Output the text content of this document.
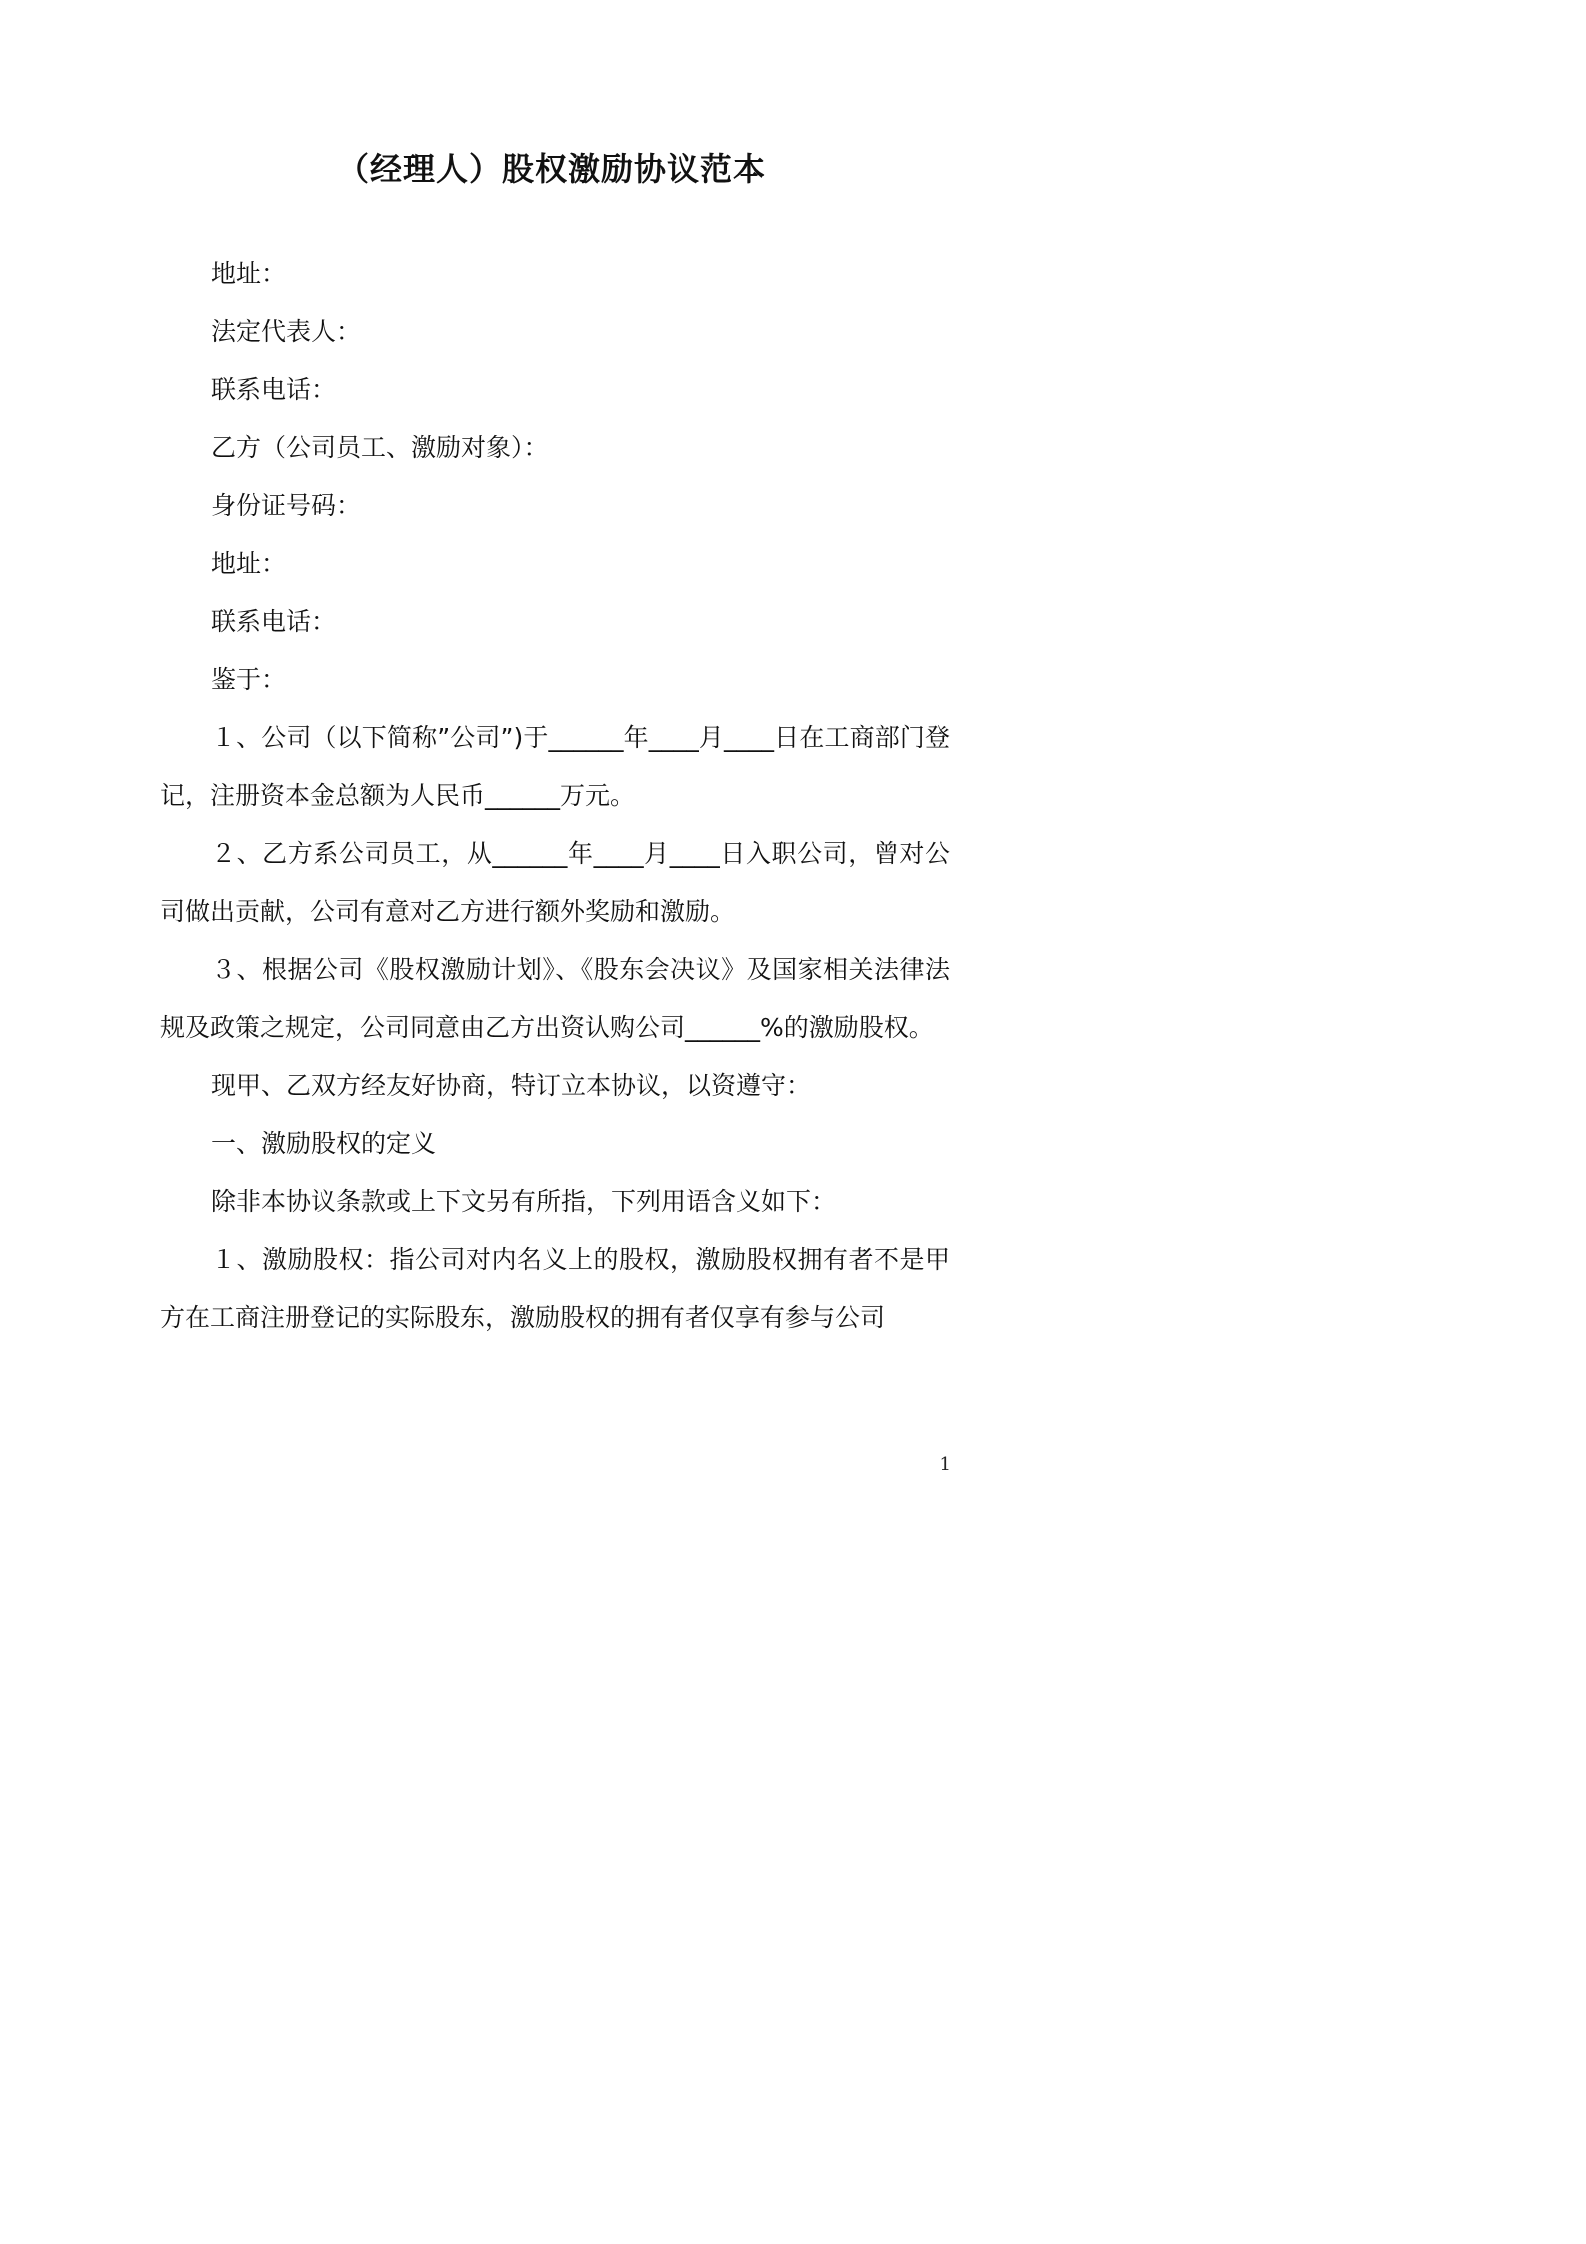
（经理人）股权激励协议范本

地址：

法定代表人：

联系电话：

乙方（公司员工、激励对象）：

身份证号码：

地址：

联系电话：

鉴于：

１、公司（以下简称”公司”)于______年____月____日在工商部门登记，注册资本金总额为人民币______万元。

２、乙方系公司员工，从______年____月____日入职公司，曾对公司做出贡献，公司有意对乙方进行额外奖励和激励。

３、根据公司《股权激励计划》、《股东会决议》及国家相关法律法规及政策之规定，公司同意由乙方出资认购公司______%的激励股权。

现甲、乙双方经友好协商，特订立本协议，以资遵守：

一、激励股权的定义

除非本协议条款或上下文另有所指，下列用语含义如下：

１、激励股权：指公司对内名义上的股权，激励股权拥有者不是甲方在工商注册登记的实际股东，激励股权的拥有者仅享有参与公司

1
